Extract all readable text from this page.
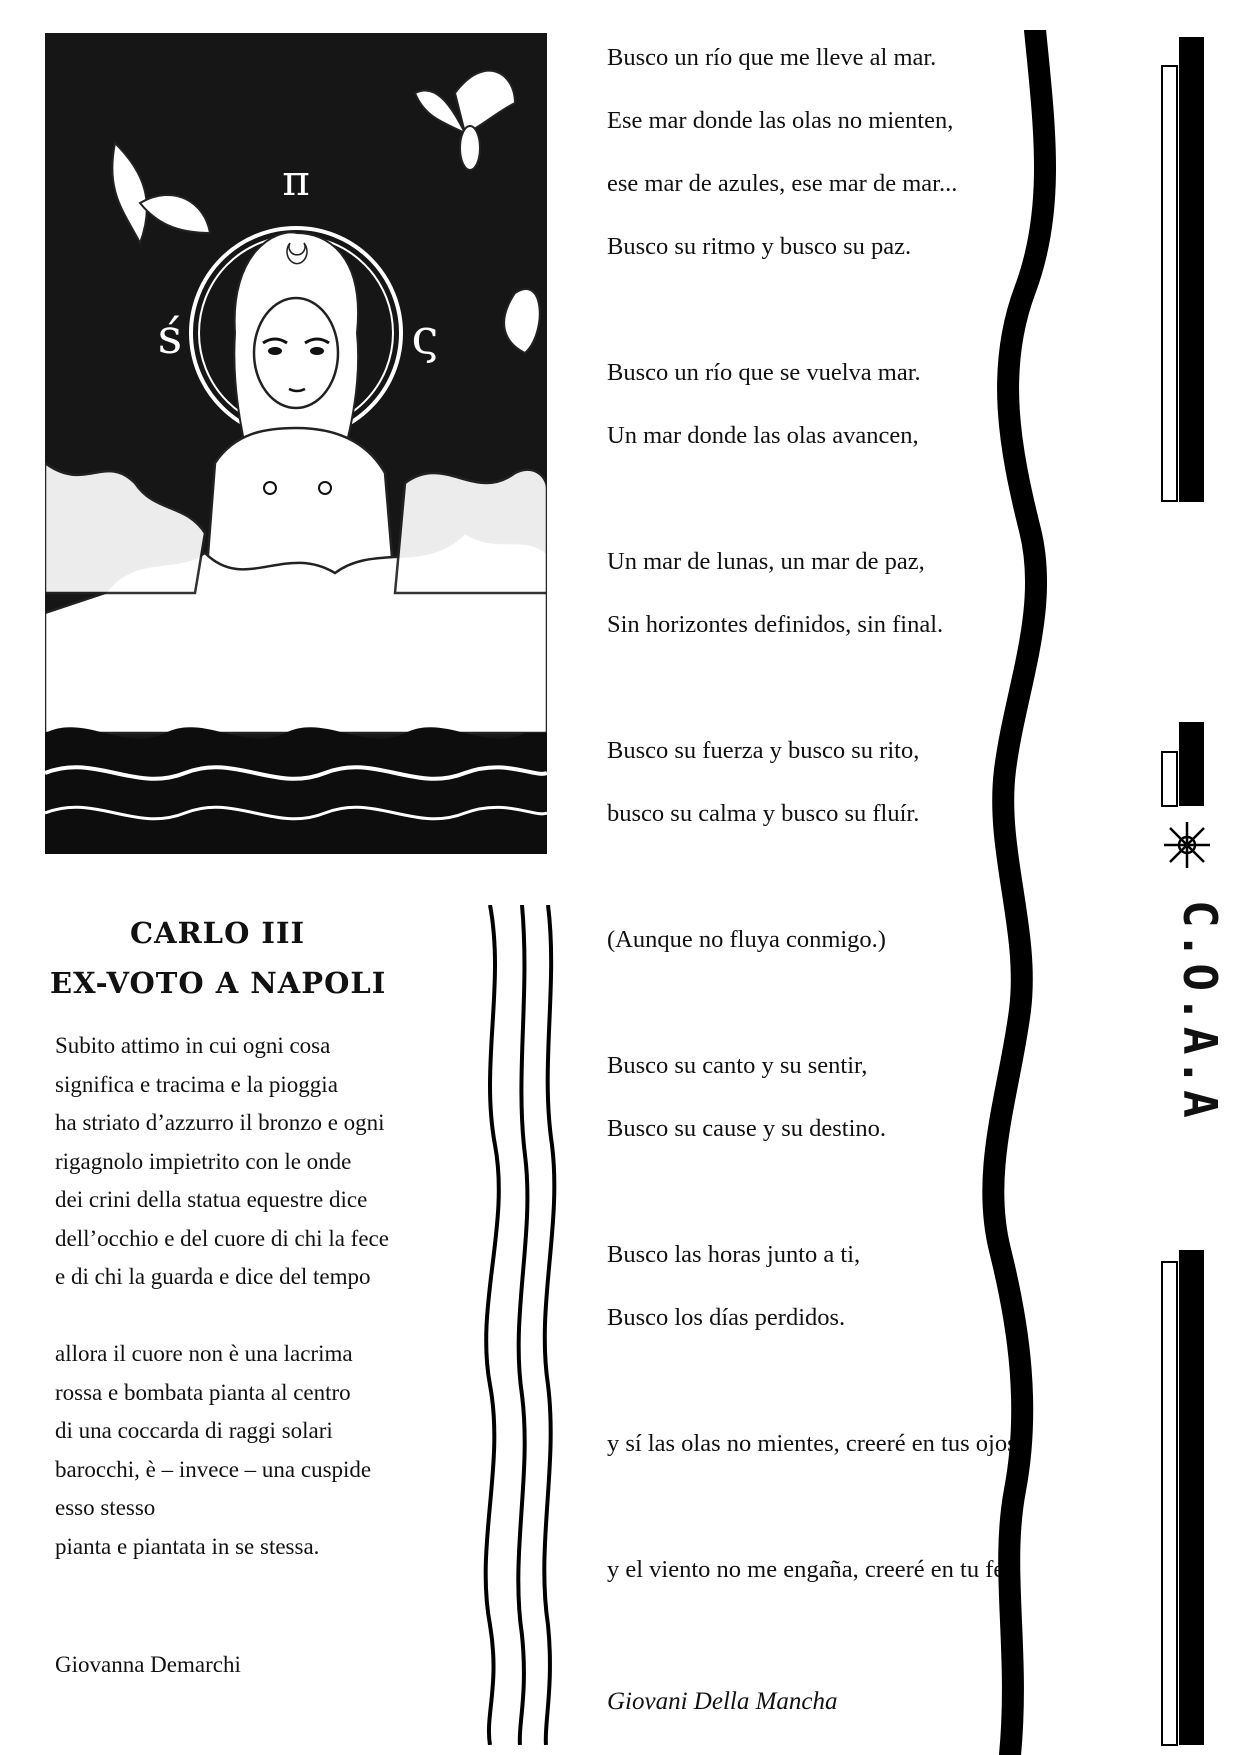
π
ś	ς
CARLO III
EX-VOTO A NAPOLI
Subito attimo in cui ogni cosa
significa e tracima e la pioggia
ha striato d’azzurro il bronzo e ogni
rigagnolo impietrito con le onde
dei crini della statua equestre dice
dell’occhio e del cuore di chi la fece
e di chi la guarda e dice del tempo
allora il cuore non è una lacrima
rossa e bombata pianta al centro
di una coccarda di raggi solari
barocchi, è – invece – una cuspide
esso stesso
pianta e piantata in se stessa.
Giovanna Demarchi
Busco un río que me lleve al mar.
Ese mar donde las olas no mienten,
ese mar de azules, ese mar de mar...
Busco su ritmo y busco su paz.
Busco un río que se vuelva mar.
Un mar donde las olas avancen,
Un mar de lunas, un mar de paz,
Sin horizontes definidos, sin final.
Busco su fuerza y busco su rito,
busco su calma y busco su fluír.
(Aunque no fluya conmigo.)
Busco su canto y su sentir,
Busco su cause y su destino.
Busco las horas junto a ti,
Busco los días perdidos.
y sí las olas no mientes, creeré en tus ojos.
y el viento no me engaña, creeré en tu fé.
Giovani Della Mancha
C.O.A.A
